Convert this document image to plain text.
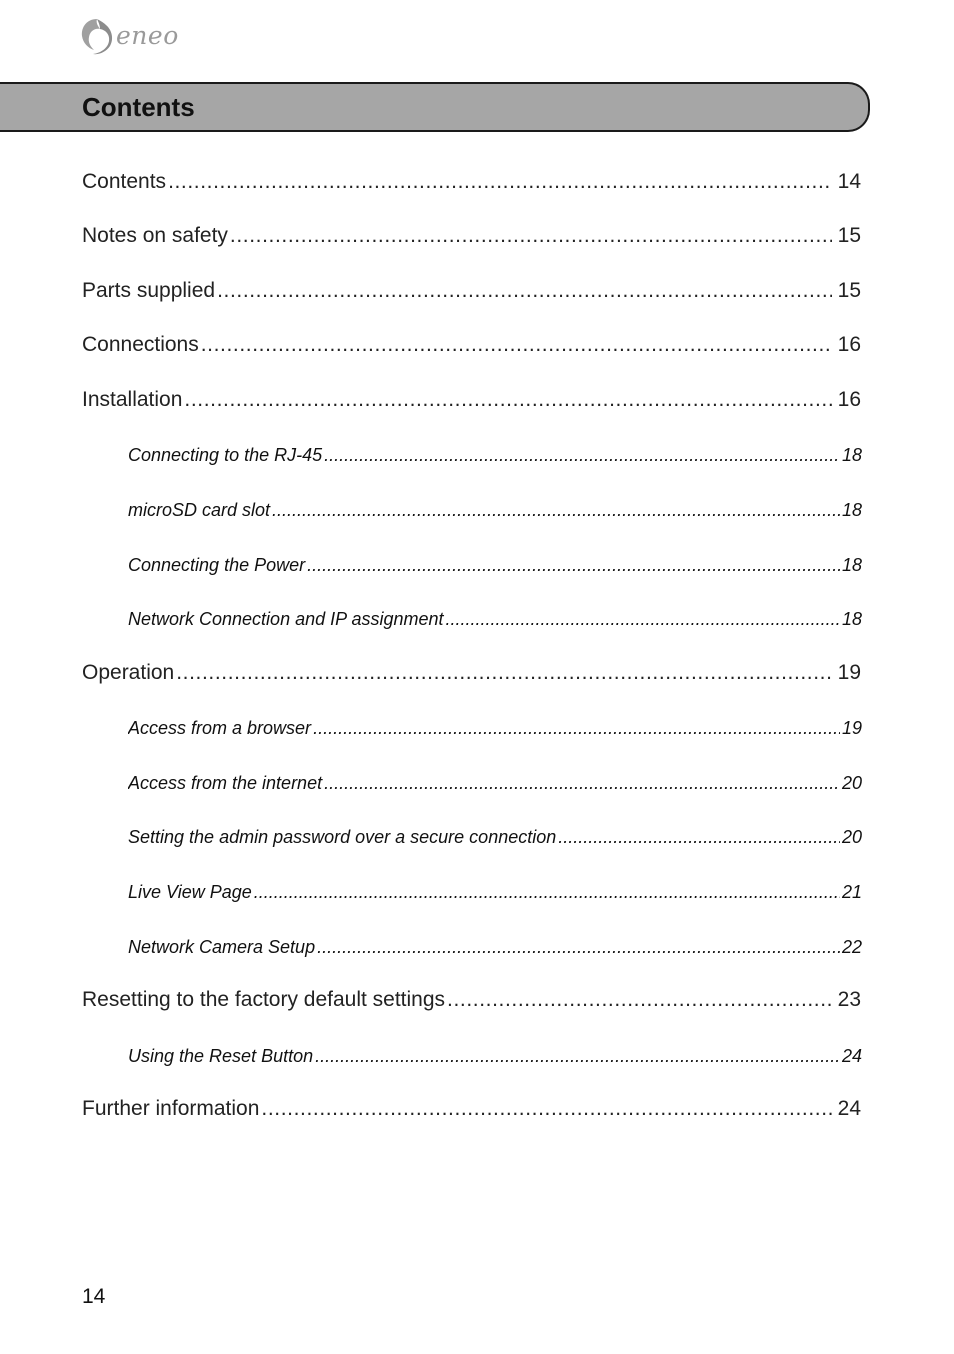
eneo
Contents
Contents .....	14
Notes on safety .....	15
Parts supplied .....	15
Connections .....	16
Installation .....	16
Connecting to the RJ-45 .....	18
microSD card slot .....	18
Connecting the Power .....	18
Network Connection and IP assignment .....	18
Operation .....	19
Access from a browser .....	19
Access from the internet .....	20
Setting the admin password over a secure connection .....	20
Live View Page .....	21
Network Camera Setup .....	22
Resetting to the factory default settings .....	23
Using the Reset Button .....	24
Further information .....	24
14
